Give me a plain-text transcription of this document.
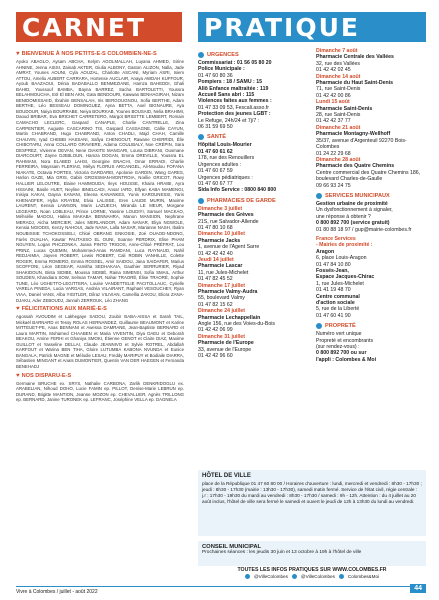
CARNET PRATIQUE
♥ BIENVENUE À NOS PETITS-E-S COLOMBIEN-NE-S
Ayoko ABAGLO, Aysam ABCHA, Kelym AGOLMALLAH, Luyana AHMED, Sirine AHNINE, Jenna AISSI, Zainab AKTER, Giulia ALBONY, Gaston ALIZON, Nalla, Jade AMRAT, Younes AOUNI, Cyla AOUZAL, Charlotte ASCANI, Myriam ASRI, Isiem ATTOU, Ameliu AUBERT CARRARA, Hortense AUCLAIR, Anaya AWDAH KUFFOUR, Ayoub BAAZAOUI, Dénia BADABALLO BENMEZIANE, Hamza BAHEDDI, Ghali BAHID, Youssouf BAMBA, Bayna BARREZ, Sacha BARTOLETTI, Youssra BELAHMOUCHA, Eöl El BEN AKN, Gaïa BENDOURI, Kawwas BENHAGIRAH, Nizam BENIDOMISSAIID, Ibrahim BENSALAH, Iris BERGOUGNOU, Sofia BERTHE, Adam BERTHE, Léo BESSEAU DOMINGUEZ, Ayna BETTA, Axel BIGNAURE, Aya BOUDOUR, Naiya BOURRABE, Neiya BOURKAB, Younes BOUSAID, Nelia BRAHIMI, Daoud BRIBAR, Eva BRICHET CARRETERO, Margot BRIGITTE LEMBERT, Romain CAMACHO LECLERC, Gaspard CANAPLE, Charlie CANTRELLE, Zina CARPENTIER, Auguste CASCARINO TIS, Gaspard CASSAGNE, Callie CAYUN, Martin CHABRAND, Hugo CHABRAND, Anton CHADLI, Majd CHAH, Camille CHAUVIN, Iyad CHEBBI HASSANI, Safiya CHENGOUT, Rawane CHERRIDI, Élie CHIBOTARU, Anna COLLARD GRAVIERE, Adama COULIBALY, Noe CRÉPIN, Sara DESPREZ, Vivienne DEVAN, Nene DIAKITE MANGARI, Louna DIBRANI, Ousmane DIARCOURT, Zayne DJEBLOUN, Hamza DOGAN, Emma DREVILLE, Youssra EL RAHMANI, Nora ELABED LAHSI, Georgine ENACHI, Omar ERRADI, Charlie FERREIRA, Mayssam FLERIAG, Mélya FLORUS ARCANGEL, Ali-Moudou FOFANA NIAKATE, Octavia FORTES, Victoria GARDAREI, Apolonie GARDIN, Wang GARES, Harlon GAZE, Mia GRIS, Gabin GROSSMAN-MONTROIA, Noélie GRICOT, Rowy HALLIER LELOUTRE, Elaine HAMMOUDA, Ileys HOUSSE, Khaira HRAIBI, Ayra HSSAINI, Basile HUET, Neyline IBNELCADI, Ansar IARD, Ellyan KABA MAMENGI, Inisiya KAKAI, Dayna KANANI, Eleena KANANKES, Yunis KAROUNESSI, Yaris KHENADFER, Hyba KRAYEM, Elvia LALISSE, Eren LAUDE MURIN, Maxime LAURENT, Kensia LAWSON, Marin LAZUECH, Miranda LE MEUR, Morgane LEGEARD, Noan LOBLEAU, Prince LORNE, Yassine LOUDIYI, Samuel MACKAO, Méhsélie MADOU, Halina MAKABA BENNAHRA, Manon MANSION, Nephrane MERADJ, Aicha MERCIER, Jules MERLANDOR, Adam NANAR, Eliya NGWOLE, Kensia NGIODIS, Kenzy NAHOUI, Jade NANA, Lalla NASAR, Marianne NASH, Ibalim NOUBISSIE TCHOKOSSIELI, Chloé OBRANG ENKOSIE, Zoé OUAOD-NDONG, Farès OUALHA, Kawtar PAUTASSO EL OUNI, Soanne PERDRIX, Elise PHAM NGUYEN, Logan PHCZONKA, Joana PINTO TRIGOS, Anne-Chloé PRÉFRAT, Lou PRINZ, Lucas QUEMIN, Mohammed-Anas RAMDANI, Luca RAYNAUD, Nahil REDJAIMIA, Jayven ROBERT, Lewis ROBERT, Cali ROBIN VANHILLE, Colette ROGER, Emma ROMERO, Emma ROSSEL, Amir SAIDOU, Jana SAIDAFER, Marius SCOFFONI, Léon SEGEAR, Asmitha SEDHAKAIA, Gauthier SERRURIER, Riyad SHAKIDOUN, Binta SIDIBE, Moussa SIDIBÉ, Raina SIMENSI, Sofia SMAIL, Arthur SOUDEN, Khandiara SOW, Selman TAMAR, Nahar TRAORÉ, Élise TRAORÉ, Sophie TUNE, Léo UGHETTO-LEGITTERA, Louise VANDETTELIE PACITOLLAUC, Cyrielle VARELA PINEDA, Lucia VARGAS, Andréa VILAIRANT, Raphaël VESOUCHEY, Ryan VIAA, Daniel VANS, Alba YIGITLER, Dilraz VILIVIAN, Camellia ZAKOU, Eliora ZANA-DJAKU, Ader ZEBOUDJ, Jannah ZERROUK, Léo ZHANG
♥ FÉLICITATIONS AUX MARIÉ-E-S
Agossah AVOUDIM et Lakhegaye SADOU, Zoubir BABA-AISSA et Sarah TAIL, Mickaël BARNARD et Tessy ROLAS HERNANDEZ, Guillaume BEAUMONT et Karine MITTEUET-PE, Anas BENNANI et Awessa DAMRANE, Jean-Baptiste BERNARD et Laura MARTIN, Mohamed CHAABEN et Maria VIVENTIN, Diya DAEU et Deborah BEAKOU, Amine FERHI et Ghaniya SMOKI, Étienne GENOT et Claire DIAZ, Maxime GUILLOT et Yasseline DELLAI, Claude JEANNIVO et Sylvie ROTREL, Abdallah KARFOUT et Warina BEN TIHA, Gloire LUTUMBA KABONA NVUNDA et Eunice BANGALA, Patrick MAGNE et Mélodie LESAU, Freddy MARIPUY et Bodiaile DIARRA, Sébastien MINGANT et Anaïs DUMONTIER, Quentin VAN DER HAEGEN et Fernanda BENEHADJ
♥ NOS DISPARU-E-S
Germaine BRUCHE ex. SRYS, Nathalie CARBONA, Zarlik DENKRIDOGLU ex. ARABELIAN, Nihoud DOHO, Lucie FAMIN ep. PILLOT, Denise-Marie LEBRUN ep. DURAND, Brigitte MANTION, Jeanne MOZON ep. CHEVALLIER, Agnès TRILLONG ep. BERNARD, Janine TURONEK ep. LEFRANC, Joséphine VELLA ep. DAGNELA
URGENCES
Commissariat : 01 56 05 80 20
Police Municipale :
01 47 60 80 36
Pompiers : 18 / SAMU : 15
Allô Enfance maltraitée : 119
Accueil Sans abri : 115
Violences faites aux femmes :
01 47 33 09 53, Fescali.asso.fr
Protection des jeunes LGBT :
Le Refuge, 24h/24 et 7j/7 :
06 31 59 69 50
SANTÉ
Hôpital Louis-Mourier
01 47 60 61 62
178, rue des Renouillers
Urgences adultes :
01 47 60 67 59
Urgences pédiatriques :
01 47 60 67 77
Sida Info Service : 0800 840 800
PHARMACIES DE GARDE
Dimanche 3 juillet
Pharmacie des Grèves
21S, rue Salvador-Allende
01 47 80 10 68
Dimanche 10 juillet
Pharmacie Jacks
1, avenue de l'Agent Sarre
01 42 42 42 40
Jeudi 14 juillet
Pharmacie Lascar
11, rue Jules-Michelet
01 47 82 45 52
Dimanche 17 juillet
Pharmacie Valmy-Audra
55, boulevard Valmy
01 47 82 15 62
Dimanche 24 juillet
Pharmacie Lechappellain
Angle 156, rue des Voies-du-Bois
01 42 42 06 99
Dimanche 31 juillet
Pharmacie de l'Europe
33, avenue de l'Europe
01 42 42 96 60
Dimanche 7 août
Pharmacie Centrale des Vallées
32, rue des Vallées
01 42 42 02 45
Dimanche 14 août
Pharmacie du Haut Saint-Denis
71, rue Saint-Denis
01 42 42 00 86
Lundi 15 août
Pharmacie Saint-Denis
28, rue Saint-Denis
01 42 42 37 77
Dimanche 21 août
Pharmacie Montagny-Wellhoff
35/37, avenue d'Argenteuil 92270 Bois-Colombes
01 24 22 29 68
Dimanche 28 août
Pharmacie des Quatre Chemins
Centre commercial des Quatre Chemins 186, boulevard Charles-de-Gaulle
09 66 93 24 75
SERVICES MUNICIPAUX
Gestion urbaine de proximité
Un dysfonctionnement à signaler,
une réponse à obtenir ?
0 800 892 700 (service gratuit)
01 80 88 18 97 / gup@mairie-colombes.fr
France Services
- Mairies de proximité :
Aragon
6, place Louis-Aragon
01 47 84 10 80
Fossés-Jean,
Espace Jacques-Chirac
1, rue Jules-Michelet
01 41 19 48 70
Centre communal
d'action sociale
5, rue de la Liberté
01 47 60 41 90
PROPRETÉ
Numéro vert unique
Propreté et encombrants
(sur rendez-vous) :
0 800 892 700 ou sur
l'appli : Colombes & Moi
HÔTEL DE VILLE
place de la République 01 47 60 80 00 / Horaires d'ouverture : lundi, mercredi et vendredi : 8h30 - 17h30 ; jeudi : 8h30 - 17h30 (mairie : 13h30 - 17h30), samedi matin fermé. Service de l'état civil, régie centrale : j.r : 17h30 - 19h30 du mardi au vendredi : 8h30 - 17h30 / samedi : 9h - 12h. Attention : du 4 juillet au 20 août inclus, l'hôtel de ville sera fermé le samedi et ouvert le jeudi de 12h à 13h30 du lundi au vendredi.
CONSEIL MUNICIPAL
Prochaines séances : les jeudis 30 juin et 13 octobre à 19h à l'hôtel de ville
TOUTES LES INFOS PRATIQUES SUR WWW.COLOMBES.FR
@VilleColombes	@VilleColombes	Colombes&Moi
Vivre à Colombes / juillet - août 2022	44
